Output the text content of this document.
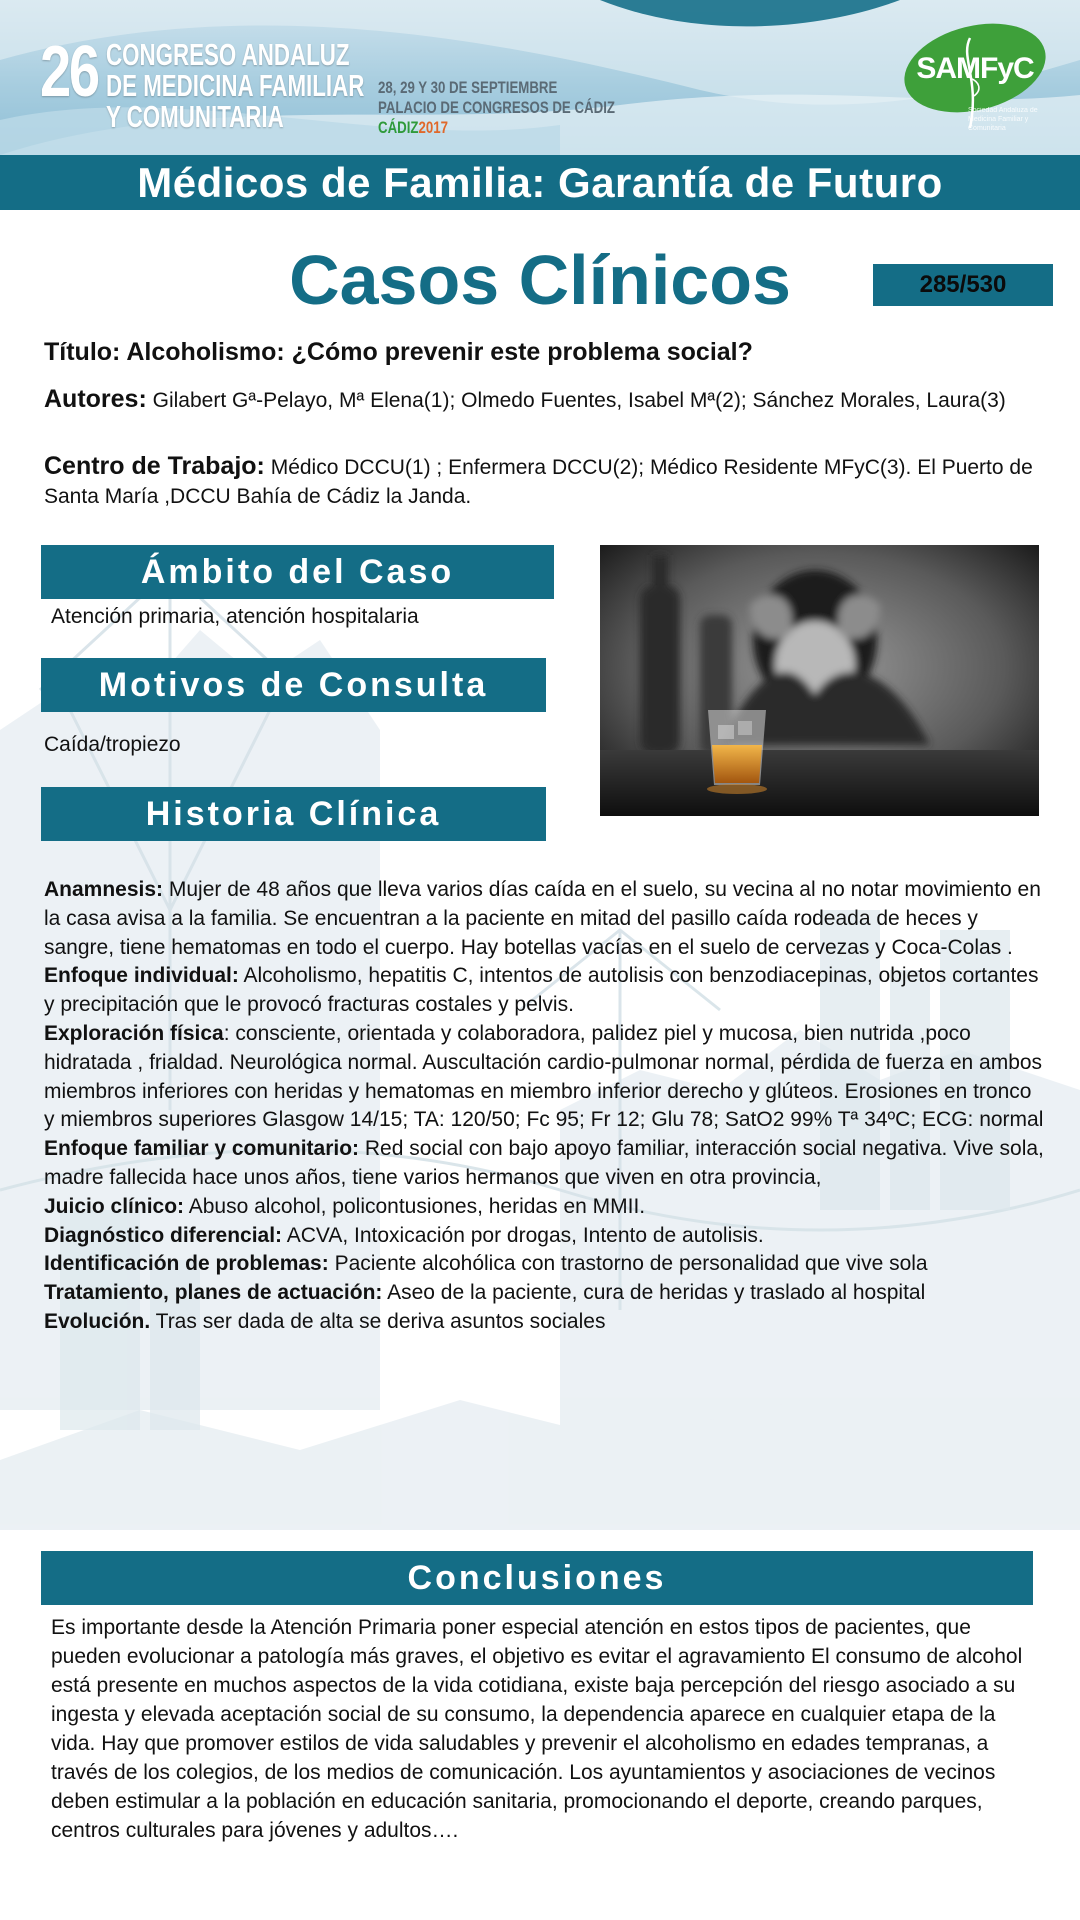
26 CONGRESO ANDALUZ
DE MEDICINA FAMILIAR
Y COMUNITARIA
28, 29 Y 30 DE SEPTIEMBRE
PALACIO DE CONGRESOS DE CÁDIZ
CÁDIZ2017
SAMFyC
Sociedad Andaluza de Medicina Familiar y Comunitaria
Médicos de Familia: Garantía de Futuro
Casos Clínicos	285/530
Título: Alcoholismo: ¿Cómo prevenir este problema social?
Autores: Gilabert Gª-Pelayo, Mª Elena(1); Olmedo Fuentes, Isabel Mª(2); Sánchez Morales, Laura(3)
Centro de Trabajo: Médico DCCU(1) ; Enfermera DCCU(2); Médico Residente MFyC(3). El Puerto de Santa María ,DCCU Bahía de Cádiz la Janda.
Ámbito del Caso
Atención primaria, atención hospitalaria
Motivos de Consulta
Caída/tropiezo
Historia Clínica

Anamnesis: Mujer de 48 años que lleva varios días caída en el suelo, su vecina al no notar movimiento en la casa avisa a la familia. Se encuentran a la paciente en mitad del pasillo caída rodeada de heces y sangre, tiene hematomas en todo el cuerpo. Hay botellas vacías en el suelo de cervezas y Coca-Colas .

Enfoque individual: Alcoholismo, hepatitis C, intentos de autolisis con benzodiacepinas, objetos cortantes y precipitación que le provocó fracturas costales y pelvis.

Exploración física: consciente, orientada y colaboradora, palidez piel y mucosa, bien nutrida ,poco hidratada , frialdad. Neurológica normal. Auscultación cardio-pulmonar normal, pérdida de fuerza en ambos miembros inferiores con heridas y hematomas en miembro inferior derecho y glúteos. Erosiones en tronco y miembros superiores Glasgow 14/15; TA: 120/50; Fc 95; Fr 12; Glu 78; SatO2 99% Tª 34ºC; ECG: normal

Enfoque familiar y comunitario: Red social con bajo apoyo familiar, interacción social negativa. Vive sola, madre fallecida hace unos años, tiene varios hermanos que viven en otra provincia,

Juicio clínico: Abuso alcohol, policontusiones, heridas en MMII.

Diagnóstico diferencial: ACVA, Intoxicación por drogas, Intento de autolisis.

Identificación de problemas: Paciente alcohólica con trastorno de personalidad que vive sola

Tratamiento, planes de actuación: Aseo de la paciente, cura de heridas y traslado al hospital

Evolución. Tras ser dada de alta se deriva asuntos sociales

Conclusiones

Es importante desde la Atención Primaria poner especial atención en estos tipos de pacientes, que pueden evolucionar a patología más graves, el objetivo es evitar el agravamiento El consumo de alcohol está presente en muchos aspectos de la vida cotidiana, existe baja percepción del riesgo asociado a su ingesta y elevada aceptación social de su consumo, la dependencia aparece en cualquier etapa de la vida. Hay que promover estilos de vida saludables y prevenir el alcoholismo en edades tempranas, a través de los colegios, de los medios de comunicación. Los ayuntamientos y asociaciones de vecinos deben estimular a la población en educación sanitaria, promocionando el deporte, creando parques, centros culturales para jóvenes y adultos….
